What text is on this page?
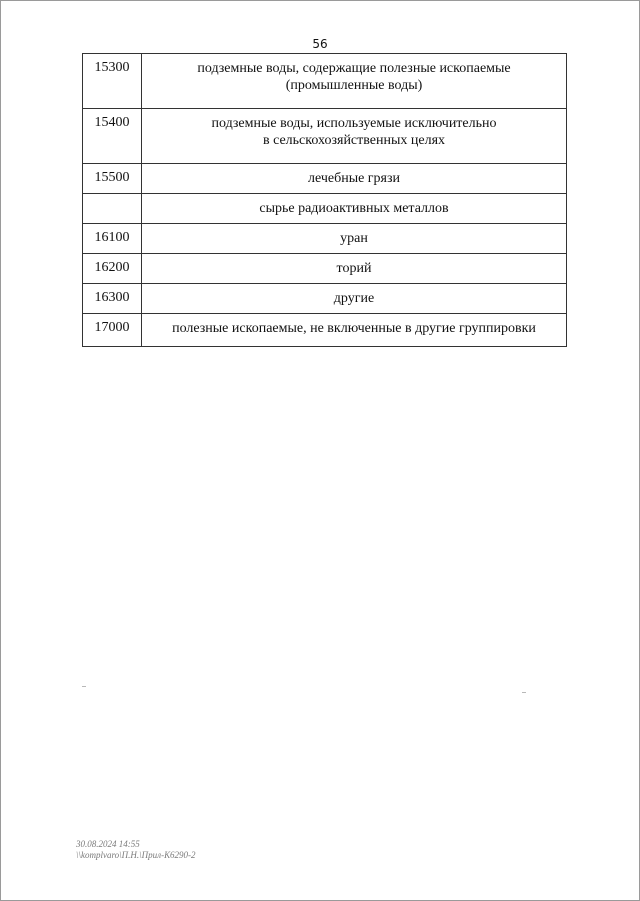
56
15300	подземные воды, содержащие полезные ископаемые
(промышленные воды)

15400	подземные воды, используемые исключительно
в сельскохозяйственных целях

15500	лечебные грязи

	сырье радиоактивных металлов

16100	уран

16200	торий

16300	другие

17000	полезные ископаемые, не включенные в другие группировки
30.08.2024 14:55
\\komplvaro\П.Н.\Прил-К6290-2
